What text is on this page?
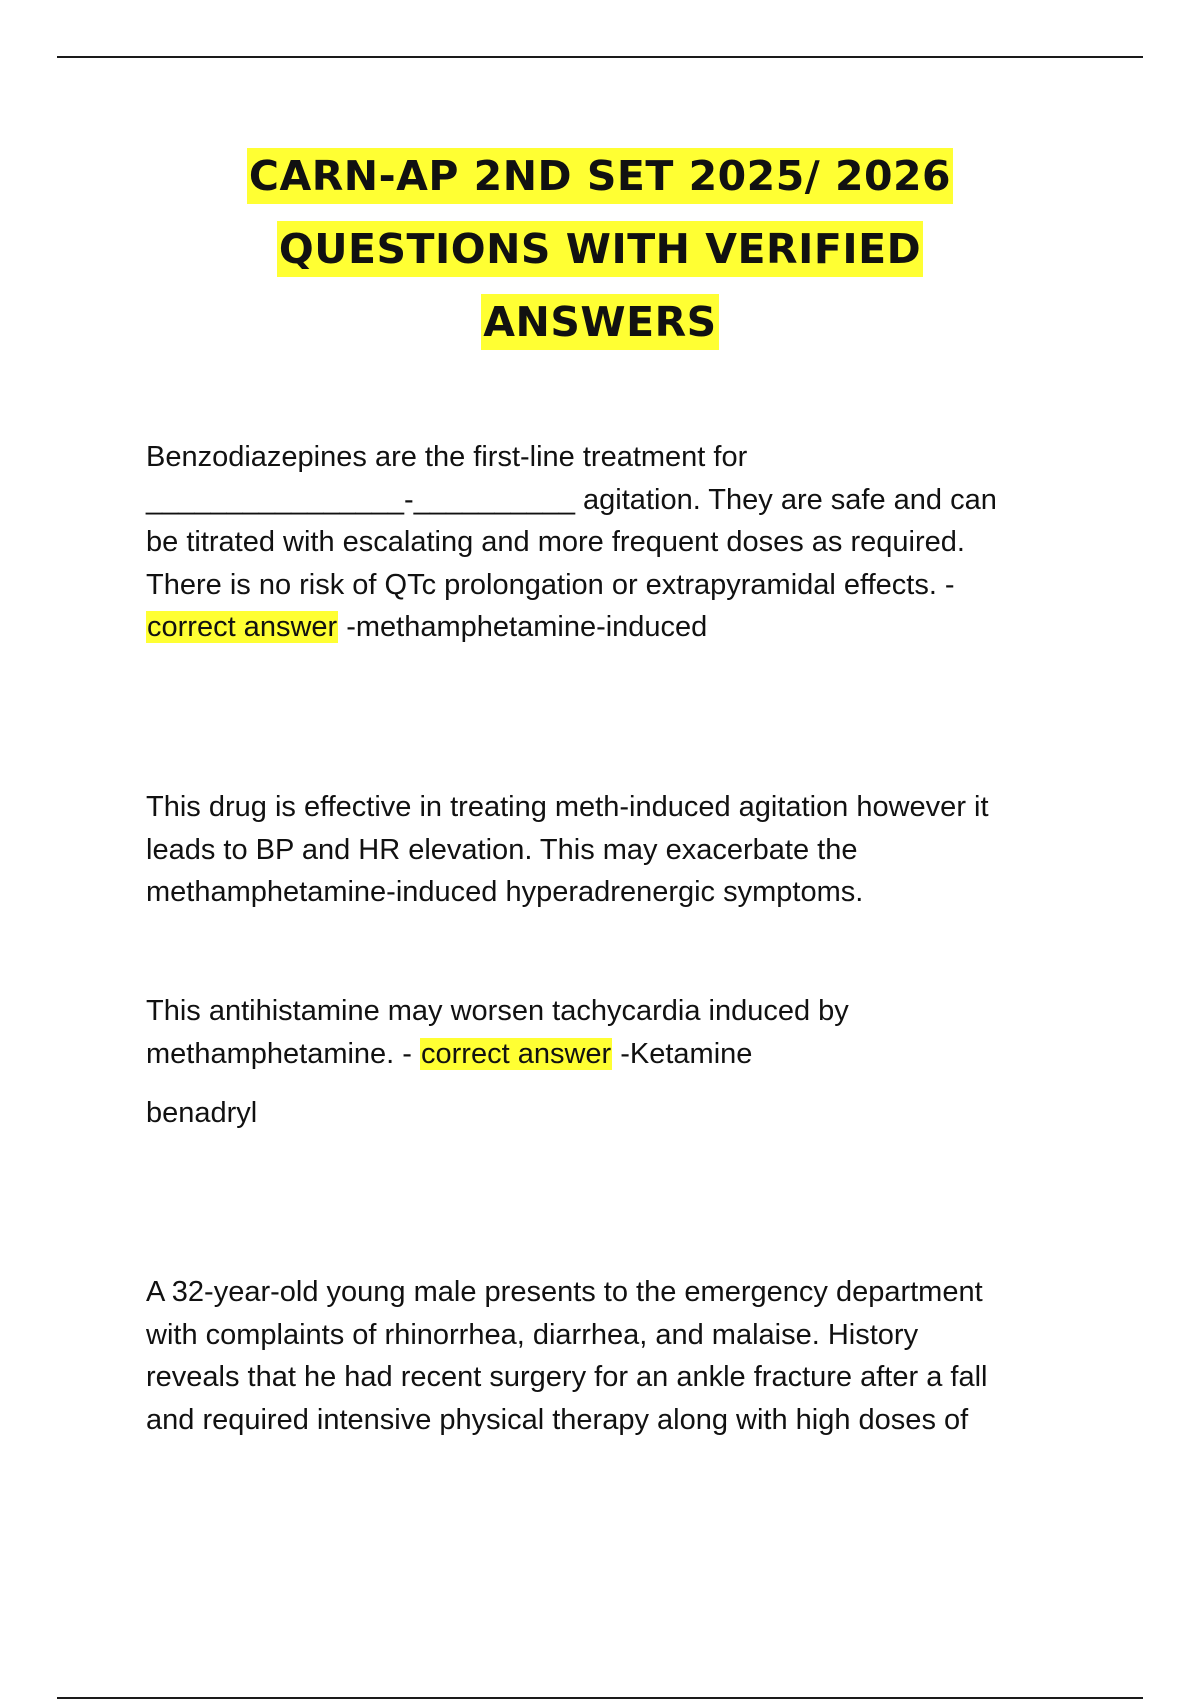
CARN-AP 2ND SET 2025/ 2026
QUESTIONS WITH VERIFIED
ANSWERS

Benzodiazepines are the first-line treatment for
________________-__________ agitation. They are safe and can
be titrated with escalating and more frequent doses as required.
There is no risk of QTc prolongation or extrapyramidal effects. -
correct answer -methamphetamine-induced

This drug is effective in treating meth-induced agitation however it
leads to BP and HR elevation. This may exacerbate the
methamphetamine-induced hyperadrenergic symptoms.

This antihistamine may worsen tachycardia induced by
methamphetamine. - correct answer -Ketamine

benadryl

A 32-year-old young male presents to the emergency department
with complaints of rhinorrhea, diarrhea, and malaise. History
reveals that he had recent surgery for an ankle fracture after a fall
and required intensive physical therapy along with high doses of
